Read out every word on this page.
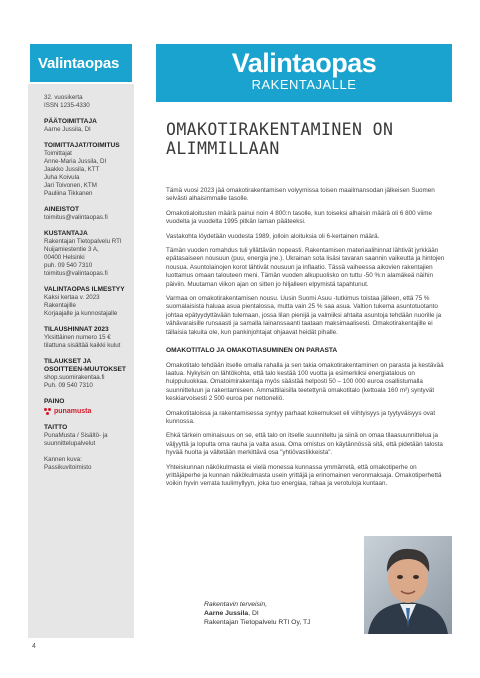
Valintaopas
32. vuosikerta
ISSN 1235-4330
PÄÄTOIMITTAJA
Aarne Jussila, DI
TOIMITTAJAT/TOIMITUS
Toimittajat
Anne-Maria Jussila, DI
Jaakko Jussila, KTT
Juha Koivula
Jari Toivonen, KTM
Pauliina Tikkanen
AINEISTOT
toimitus@valintaopas.fi
KUSTANTAJA
Rakentajan Tietopalvelu RTI
Nuijamiestentie 3 A,
00400 Helsinki
puh. 09 540 7310
toimitus@valintaopas.fi
VALINTAOPAS ILMESTYY
Kaksi kertaa v. 2023
Rakentajille
Korjaajalle ja kunnostajalle
TILAUSHINNAT 2023
Yksittäinen numero 15 €
tilattuna sisältää kaikki kulut
TILAUKSET JA OSOITTEEN-MUUTOKSET
shop.suomirakentaa.fi
Puh. 09 540 7310
PAINO
punamusta
TAITTO
PunaMusta / Sisältö- ja
suunnittelupalvelut
Kannen kuva:
Passikuvitoimisto
Valintaopas
RAKENTAJALLE
OMAKOTIRAKENTAMINEN ON ALIMMILLAAN

Tämä vuosi 2023 jää omakotirakentamisen volyymissa toisen maailmansodan jälkeisen Suomen selvästi alhaisimmalle tasolle.

Omakotialoitusten määrä painui noin 4 800:n tasolle, kun toiseksi alhaisin määrä oli 6 800 viime vuodelta ja vuodelta 1995 pitkän laman pääteeksi.

Vastakohta löydetään vuodesta 1989, jolloin aloituksia oli 6-kertainen määrä.

Tämän vuoden romahdus tuli yllättävän nopeasti. Rakentamisen materiaalihinnat lähtivät jyrkkään epätasaiseen nousuun (puu, energia jne.). Ukrainan sota lisäsi tavaran saannin vaikeutta ja hintojen nousua. Asuntolainojen korot lähtivät nousuun ja inflaatio. Tässä vaiheessa aikovien rakentajien luottamus omaan talouteen meni. Tämän vuoden alkupuolisko on tuttu -50 %:n alamäkeä näihin päiviin. Muutaman viikon ajan on sitten jo hiljalleen elpymistä tapahtunut.

Varmaa on omakotirakentamisen nousu. Uusin Suomi Asuu -tutkimus toistaa jälleen, että 75 % suomalaisista haluaa asua pientalossa, mutta vain 25 % saa asua. Valtion tukema asuntotuotanto johtaa epätyydyttävään tulemaan, jossa lilan pienijä ja valmiiksi ahtaita asuntoja tehdään nuorille ja vähävaraisille runsaasti ja samalla lainanssaanti taataan maksimaalisesti. Omakotirakentajille ei tällaisia takuita ole, kun pankinjohtajat ohjaavat heidät pihalle.

OMAKOTITALO JA OMAKOTIASUMINEN ON PARASTA

Omakotitalo tehdään itselle omalla rahalla ja sen takia omakotirakentaminen on parasta ja kestävää laatua. Nykyisin on lähtökohta, että talo kestää 100 vuotta ja esimerkiksi energiatalous on huippuluokkaa. Omatoimirakentaja myös säästää helposti 50 – 100 000 euroa osallistumalla suunnitteluun ja rakentamiseen. Ammattilaisilla teetettynä omakotitalo (kettoala 160 m²) syntyvät keskiarvoisesti 2 500 euroa per nettoneliö.

Omakotitaloissa ja rakentamisessa syntyy parhaat kokemukset eli viihtyisyys ja tyytyväisyys ovat kunnossa.

Ehkä tärkein ominaisuus on se, että talo on itselle suunniteltu ja siinä on omaa tilaasuunnittelua ja väljyyttä ja lopulta oma rauha ja valta asua. Oma omistus on käytännössä sitä, että pidetään talosta hyvää huolta ja vältetään merkittävä osa "yhtiövastikkeista".

Yhteiskunnan näkökulmasta ei vielä monessa kunnassa ymmärretä, että omakotiperhe on yrittäjäperhe ja kunnan näkökulmasta usein yrittäjä ja erinomainen veronmaksaja. Omakotiperhettä voikin hyvin verrata tuulimyllyyn, joka tuo energiaa, rahaa ja verotuloja kuntaan.

Rakentavin terveisin,
Aarne Jussila, DI
Rakentajan Tietopalvelu RTI Oy, TJ
4
